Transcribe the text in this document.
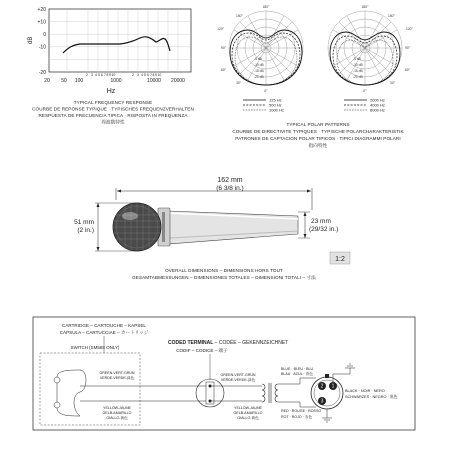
+20
+10
0
-10
-20
dB
2 3 4 5 6 7 8 9 10	2 3 4 5 6 7 8 9 10
20 50 100	1000	10000 20000
Hz
TYPICAL FREQUENCY RESPONSE
COURBE DE REPONSE TYPIQUE · TYPISCHES FREQUENZVERHALTEN
RESPUESTA DE FRECUENCIA TIPICA · RISPOSTA IN FREQUENZA
周波数特性
180°
150°
120°
90°
60°
30°
0°
-5 dB
-10 dB
-15 dB
-20 dB
180°
150°
120°
90°
60°
30°
0°
-5 dB
-10 dB
-15 dB
-20 dB
125 Hz
500 Hz
1000 Hz
2000 Hz
4000 Hz
8000 Hz
TYPICAL POLAR PATTERNS
COURBE DE DIRECTIVITE TYPIQUES · TYPISCHE POLARCHARAKTERISTIK
PATRONES DE CAPTACION POLAR TIPICOS · TIPICI DIAGRAMMI POLARI
指向特性
162 mm
(6 3/8 in.)
51 mm
(2 in.)
23 mm
(29/32 in.)
1:2
OVERALL DIMENSIONS – DIMENSIONS HORS TOUT
GESAMTABMESSUNGEN – DIMENSIONES TOTALES – DIMENSIONI TOTALI – 寸法
CARTRIDGE – CARTOUCHE – KAPSEL
CÁPSULA – CARTUCCIAE – カートリッジ
SWITCH (SM58S ONLY)
GREEN-VERT-GRUN
VERDE-VERDE-緑色
YELLOW-JAUNE
GELB-AMARILLO
GIALLO-黄色
CODED TERMINAL – CODÉE – GEKENNZEICHNET
CODIF – CODICE – 端子
GREEN-VERT-GRUN
VERDE-VERDE-緑色
YELLOW-JAUNE
GELB-AMARILLO
GIALLO-黄色
BLUE · BLEU · BLU
BLAU · AZUL · 青色
RED · ROUGE · ROSSO
ROT · ROJO · 赤色
1
2
3
BLACK · NOIR · NERO
SCHWARZES · NEGRO · 黒色
